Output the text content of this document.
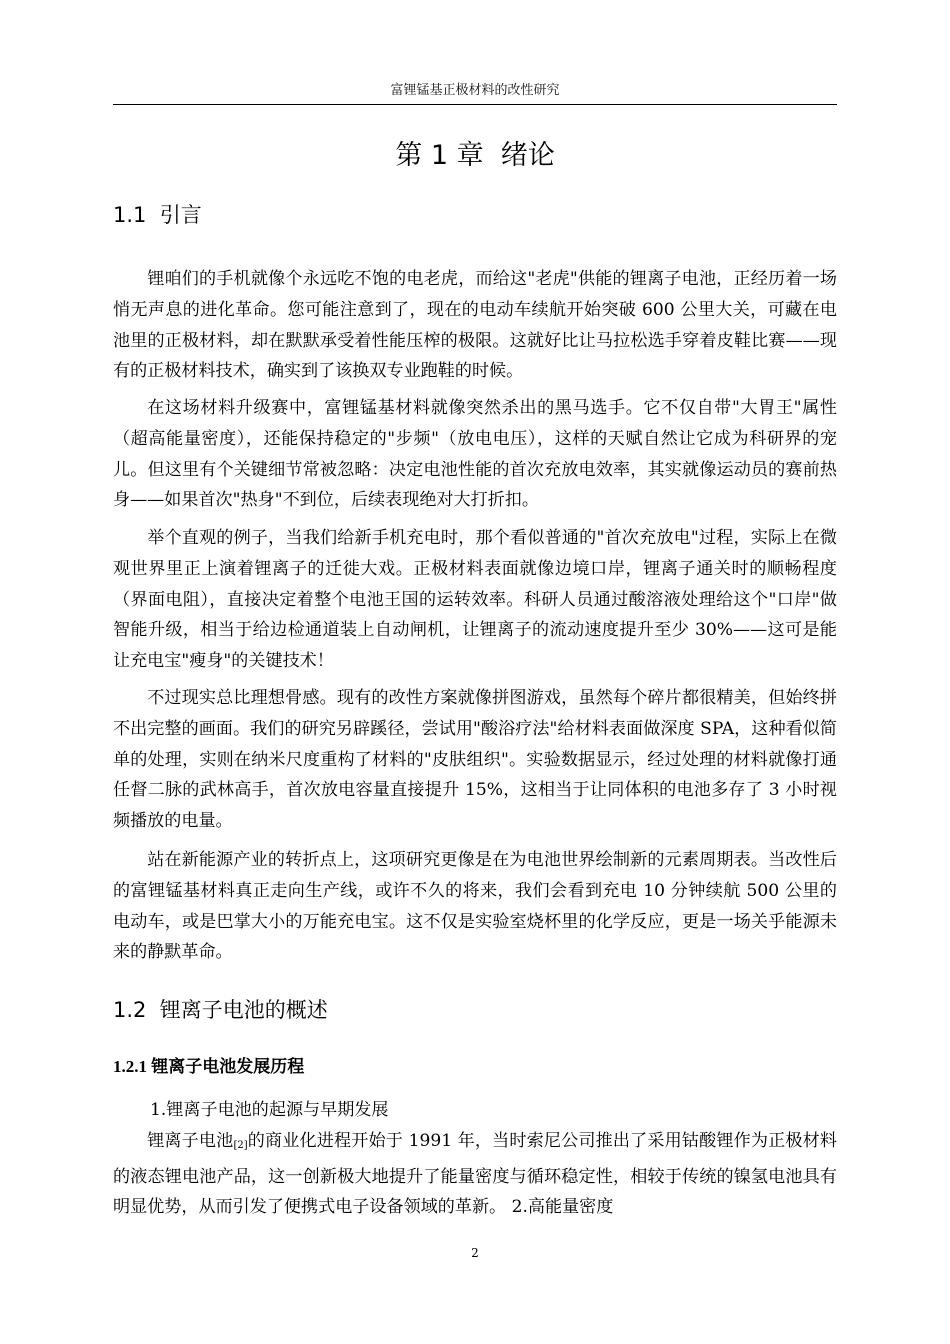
富锂锰基正极材料的改性研究
第 1 章  绪论
1.1  引言

锂咱们的手机就像个永远吃不饱的电老虎，而给这"老虎"供能的锂离子电池，正经历着一场悄无声息的进化革命。您可能注意到了，现在的电动车续航开始突破 600 公里大关，可藏在电池里的正极材料，却在默默承受着性能压榨的极限。这就好比让马拉松选手穿着皮鞋比赛——现有的正极材料技术，确实到了该换双专业跑鞋的时候。

在这场材料升级赛中，富锂锰基材料就像突然杀出的黑马选手。它不仅自带"大胃王"属性（超高能量密度），还能保持稳定的"步频"（放电电压），这样的天赋自然让它成为科研界的宠儿。但这里有个关键细节常被忽略：决定电池性能的首次充放电效率，其实就像运动员的赛前热身——如果首次"热身"不到位，后续表现绝对大打折扣。

举个直观的例子，当我们给新手机充电时，那个看似普通的"首次充放电"过程，实际上在微观世界里正上演着锂离子的迁徙大戏。正极材料表面就像边境口岸，锂离子通关时的顺畅程度（界面电阻），直接决定着整个电池王国的运转效率。科研人员通过酸溶液处理给这个"口岸"做智能升级，相当于给边检通道装上自动闸机，让锂离子的流动速度提升至少 30%——这可是能让充电宝"瘦身"的关键技术！

不过现实总比理想骨感。现有的改性方案就像拼图游戏，虽然每个碎片都很精美，但始终拼不出完整的画面。我们的研究另辟蹊径，尝试用"酸浴疗法"给材料表面做深度 SPA，这种看似简单的处理，实则在纳米尺度重构了材料的"皮肤组织"。实验数据显示，经过处理的材料就像打通任督二脉的武林高手，首次放电容量直接提升 15%，这相当于让同体积的电池多存了 3 小时视频播放的电量。

站在新能源产业的转折点上，这项研究更像是在为电池世界绘制新的元素周期表。当改性后的富锂锰基材料真正走向生产线，或许不久的将来，我们会看到充电 10 分钟续航 500 公里的电动车，或是巴掌大小的万能充电宝。这不仅是实验室烧杯里的化学反应，更是一场关乎能源未来的静默革命。

1.2  锂离子电池的概述
1.2.1 锂离子电池发展历程
1.锂离子电池的起源与早期发展

锂离子电池[2]的商业化进程开始于 1991 年，当时索尼公司推出了采用钴酸锂作为正极材料的液态锂电池产品，这一创新极大地提升了能量密度与循环稳定性，相较于传统的镍氢电池具有明显优势，从而引发了便携式电子设备领域的革新。 2.高能量密度

2
